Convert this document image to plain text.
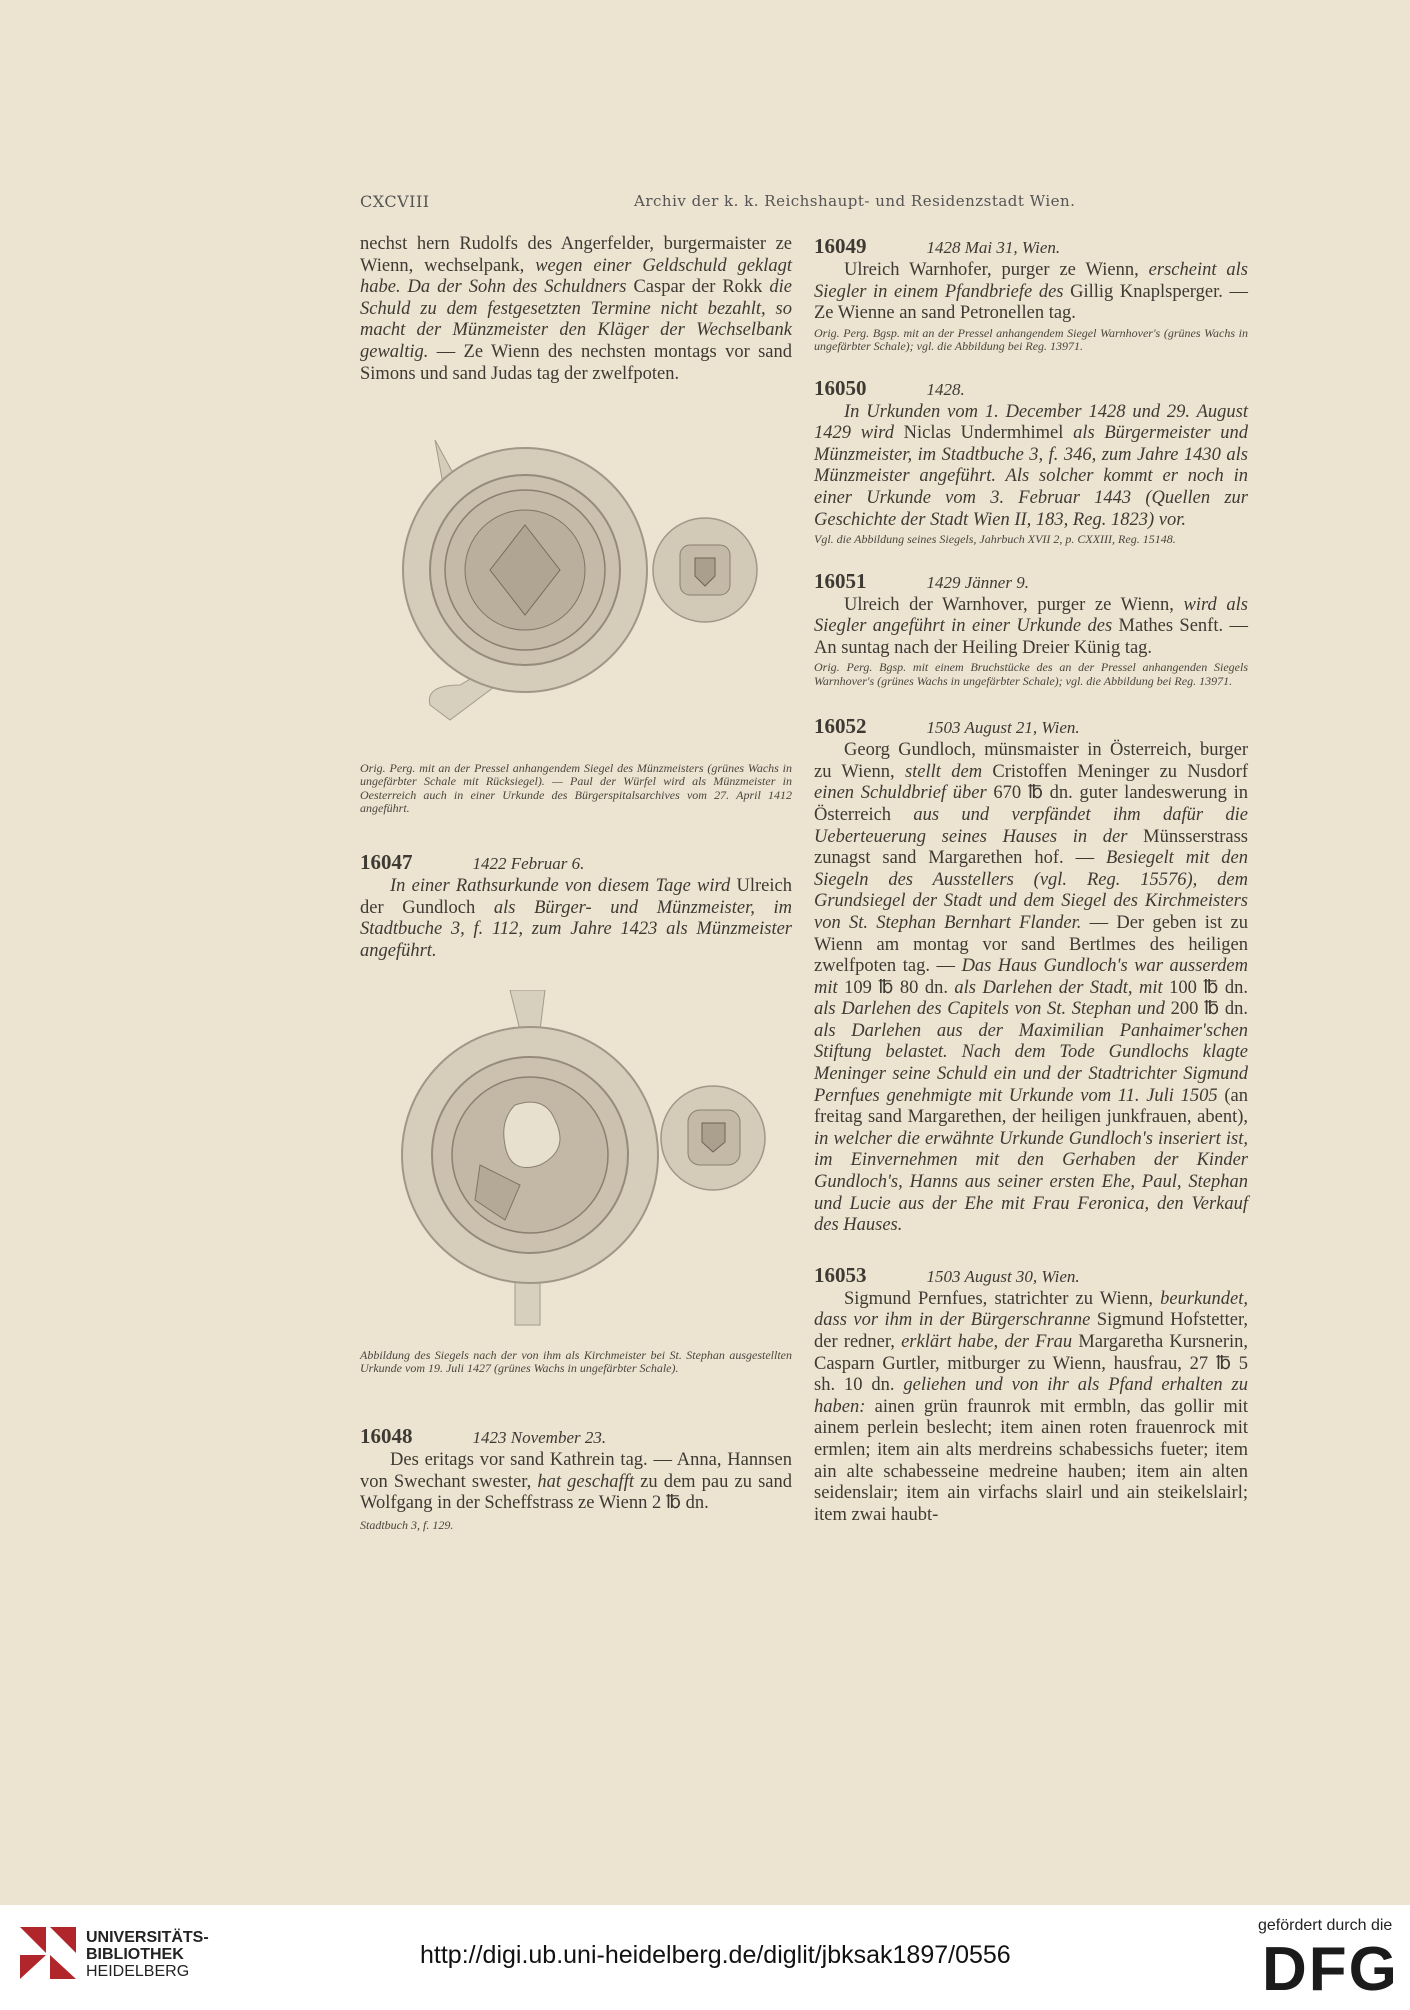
CXCVIII	Archiv der k. k. Reichshaupt- und Residenzstadt Wien.

nechst hern Rudolfs des Angerfelder, burgermaister ze Wienn, wechselpank, wegen einer Geldschuld geklagt habe. Da der Sohn des Schuldners Caspar der Rokk die Schuld zu dem festgesetzten Termine nicht bezahlt, so macht der Münzmeister den Kläger der Wechselbank gewaltig. — Ze Wienn des nechsten montags vor sand Simons und sand Judas tag der zwelfpoten.

Orig. Perg. mit an der Pressel anhangendem Siegel des Münzmeisters (grünes Wachs in ungefärbter Schale mit Rücksiegel). — Paul der Würfel wird als Münzmeister in Oesterreich auch in einer Urkunde des Bürgerspitalsarchives vom 27. April 1412 angeführt.

16047	1422 Februar 6.

In einer Rathsurkunde von diesem Tage wird Ulreich der Gundloch als Bürger- und Münzmeister, im Stadtbuche 3, f. 112, zum Jahre 1423 als Münzmeister angeführt.

Abbildung des Siegels nach der von ihm als Kirchmeister bei St. Stephan ausgestellten Urkunde vom 19. Juli 1427 (grünes Wachs in ungefärbter Schale).

16048	1423 November 23.

Des eritags vor sand Kathrein tag. — Anna, Hannsen von Swechant swester, hat geschafft zu dem pau zu sand Wolfgang in der Scheffstrass ze Wienn 2 ℔ dn.

Stadtbuch 3, f. 129.

16049	1428 Mai 31, Wien.

Ulreich Warnhofer, purger ze Wienn, erscheint als Siegler in einem Pfandbriefe des Gillig Knaplsperger. — Ze Wienne an sand Petronellen tag.

Orig. Perg. Bgsp. mit an der Pressel anhangendem Siegel Warnhover's (grünes Wachs in ungefärbter Schale); vgl. die Abbildung bei Reg. 13971.

16050	1428.

In Urkunden vom 1. December 1428 und 29. August 1429 wird Niclas Undermhimel als Bürgermeister und Münzmeister, im Stadtbuche 3, f. 346, zum Jahre 1430 als Münzmeister angeführt. Als solcher kommt er noch in einer Urkunde vom 3. Februar 1443 (Quellen zur Geschichte der Stadt Wien II, 183, Reg. 1823) vor.

Vgl. die Abbildung seines Siegels, Jahrbuch XVII 2, p. CXXIII, Reg. 15148.

16051	1429 Jänner 9.

Ulreich der Warnhover, purger ze Wienn, wird als Siegler angeführt in einer Urkunde des Mathes Senft. — An suntag nach der Heiling Dreier Künig tag.

Orig. Perg. Bgsp. mit einem Bruchstücke des an der Pressel anhangenden Siegels Warnhover's (grünes Wachs in ungefärbter Schale); vgl. die Abbildung bei Reg. 13971.

16052	1503 August 21, Wien.

Georg Gundloch, münsmaister in Österreich, burger zu Wienn, stellt dem Cristoffen Meninger zu Nusdorf einen Schuldbrief über 670 ℔ dn. guter landeswerung in Österreich aus und verpfändet ihm dafür die Ueberteuerung seines Hauses in der Münsserstrass zunagst sand Margarethen hof. — Besiegelt mit den Siegeln des Ausstellers (vgl. Reg. 15576), dem Grundsiegel der Stadt und dem Siegel des Kirchmeisters von St. Stephan Bernhart Flander. — Der geben ist zu Wienn am montag vor sand Bertlmes des heiligen zwelfpoten tag. — Das Haus Gundloch's war ausserdem mit 109 ℔ 80 dn. als Darlehen der Stadt, mit 100 ℔ dn. als Darlehen des Capitels von St. Stephan und 200 ℔ dn. als Darlehen aus der Maximilian Panhaimer'schen Stiftung belastet. Nach dem Tode Gundlochs klagte Meninger seine Schuld ein und der Stadtrichter Sigmund Pernfues genehmigte mit Urkunde vom 11. Juli 1505 (an freitag sand Margarethen, der heiligen junkfrauen, abent), in welcher die erwähnte Urkunde Gundloch's inseriert ist, im Einvernehmen mit den Gerhaben der Kinder Gundloch's, Hanns aus seiner ersten Ehe, Paul, Stephan und Lucie aus der Ehe mit Frau Feronica, den Verkauf des Hauses.

16053	1503 August 30, Wien.

Sigmund Pernfues, statrichter zu Wienn, beurkundet, dass vor ihm in der Bürgerschranne Sigmund Hofstetter, der redner, erklärt habe, der Frau Margaretha Kursnerin, Casparn Gurtler, mitburger zu Wienn, hausfrau, 27 ℔ 5 sh. 10 dn. geliehen und von ihr als Pfand erhalten zu haben: ainen grün fraunrok mit ermbln, das gollir mit ainem perlein beslecht; item ainen roten frauenrock mit ermlen; item ain alts merdreins schabessichs fueter; item ain alte schabesseine medreine hauben; item ain alten seidenslair; item ain virfachs slairl und ain steikelslairl; item zwai haubt-

UNIVERSITÄTS-
BIBLIOTHEK
HEIDELBERG
http://digi.ub.uni-heidelberg.de/diglit/jbksak1897/0556
gefördert durch die
DFG
